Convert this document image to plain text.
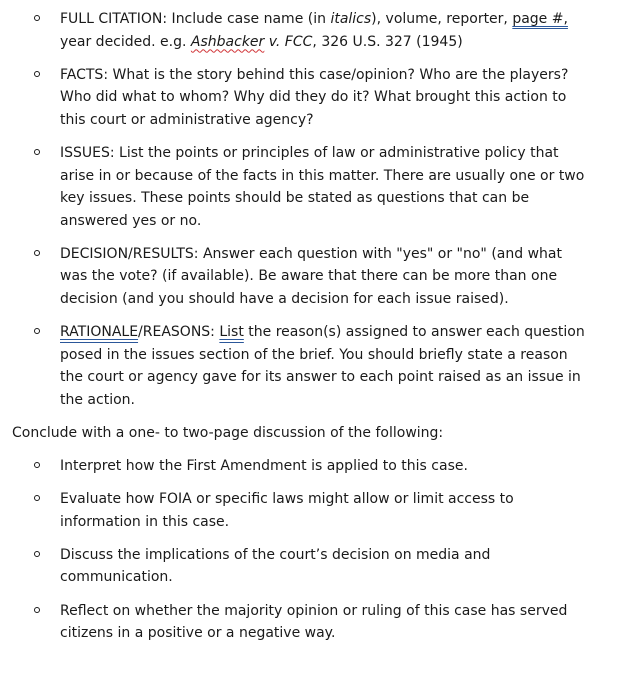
FULL CITATION: Include case name (in italics), volume, reporter, page #, year decided. e.g. Ashbacker v. FCC, 326 U.S. 327 (1945)
FACTS: What is the story behind this case/opinion? Who are the players? Who did what to whom? Why did they do it? What brought this action to this court or administrative agency?
ISSUES: List the points or principles of law or administrative policy that arise in or because of the facts in this matter. There are usually one or two key issues. These points should be stated as questions that can be answered yes or no.
DECISION/RESULTS: Answer each question with "yes" or "no" (and what was the vote? (if available). Be aware that there can be more than one decision (and you should have a decision for each issue raised).
RATIONALE/REASONS: List the reason(s) assigned to answer each question posed in the issues section of the brief. You should briefly state a reason the court or agency gave for its answer to each point raised as an issue in the action.

Conclude with a one- to two-page discussion of the following:

Interpret how the First Amendment is applied to this case.
Evaluate how FOIA or specific laws might allow or limit access to information in this case.
Discuss the implications of the court’s decision on media and communication.
Reflect on whether the majority opinion or ruling of this case has served citizens in a positive or a negative way.
